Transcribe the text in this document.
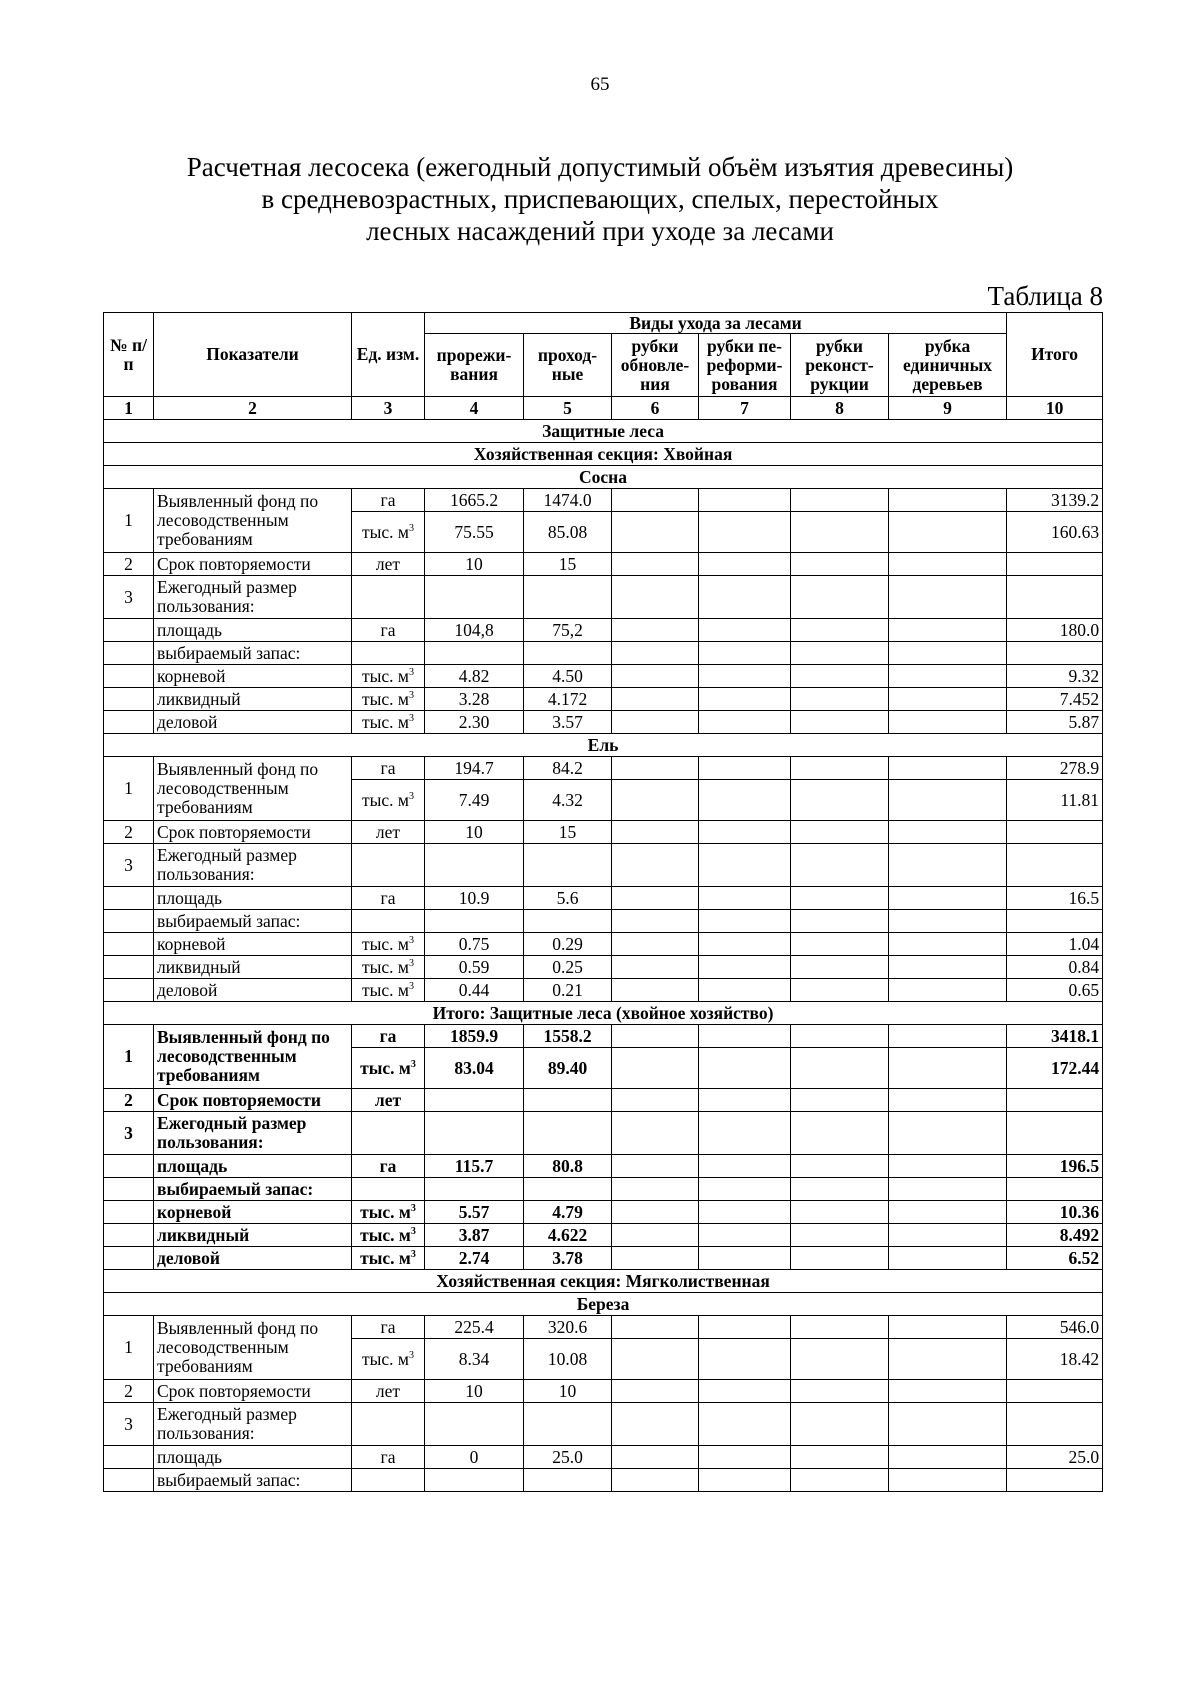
65
Расчетная лесосека (ежегодный допустимый объём изъятия древесины)
в средневозрастных, приспевающих, спелых, перестойных
лесных насаждений при уходе за лесами
Таблица 8
№ п/п	Показатели	Ед. изм.	Виды ухода за лесами						Итого
			прорежи-вания	проход-ные	рубки обновле-ния	рубки пе-реформи-рования	рубки реконст-рукции	рубка единичных деревьев	
1	2	3	4	5	6	7	8	9	10
Защитные леса									
Хозяйственная секция: Хвойная									
Сосна									
1	Выявленный фонд по лесоводственным требованиям	га	1665.2	1474.0					3139.2
		тыс. $м^3$	75.55	85.08					160.63
2	Срок повторяемости	лет	10	15					
3	Ежегодный размер пользования:								
	площадь	га	104,8	75,2					180.0
	выбираемый запас:								
	корневой	тыс. $м^3$	4.82	4.50					9.32
	ликвидный	тыс. $м^3$	3.28	4.172					7.452
	деловой	тыс. $м^3$	2.30	3.57					5.87
Ель									
1	Выявленный фонд по лесоводственным требованиям	га	194.7	84.2					278.9
		тыс. $м^3$	7.49	4.32					11.81
2	Срок повторяемости	лет	10	15					
3	Ежегодный размер пользования:								
	площадь	га	10.9	5.6					16.5
	выбираемый запас:								
	корневой	тыс. $м^3$	0.75	0.29					1.04
	ликвидный	тыс. $м^3$	0.59	0.25					0.84
	деловой	тыс. $м^3$	0.44	0.21					0.65
Итого: Защитные леса (хвойное хозяйство)									
1	Выявленный фонд по лесоводственным требованиям	га	1859.9	1558.2					3418.1
		тыс. $м^3$	83.04	89.40					172.44
2	Срок повторяемости	лет							
3	Ежегодный размер пользования:								
	площадь	га	115.7	80.8					196.5
	выбираемый запас:								
	корневой	тыс. $м^3$	5.57	4.79					10.36
	ликвидный	тыс. $м^3$	3.87	4.622					8.492
	деловой	тыс. $м^3$	2.74	3.78					6.52
Хозяйственная секция: Мягколиственная									
Береза									
1	Выявленный фонд по лесоводственным требованиям	га	225.4	320.6					546.0
		тыс. $м^3$	8.34	10.08					18.42
2	Срок повторяемости	лет	10	10					
3	Ежегодный размер пользования:								
	площадь	га	0	25.0					25.0
	выбираемый запас:								
